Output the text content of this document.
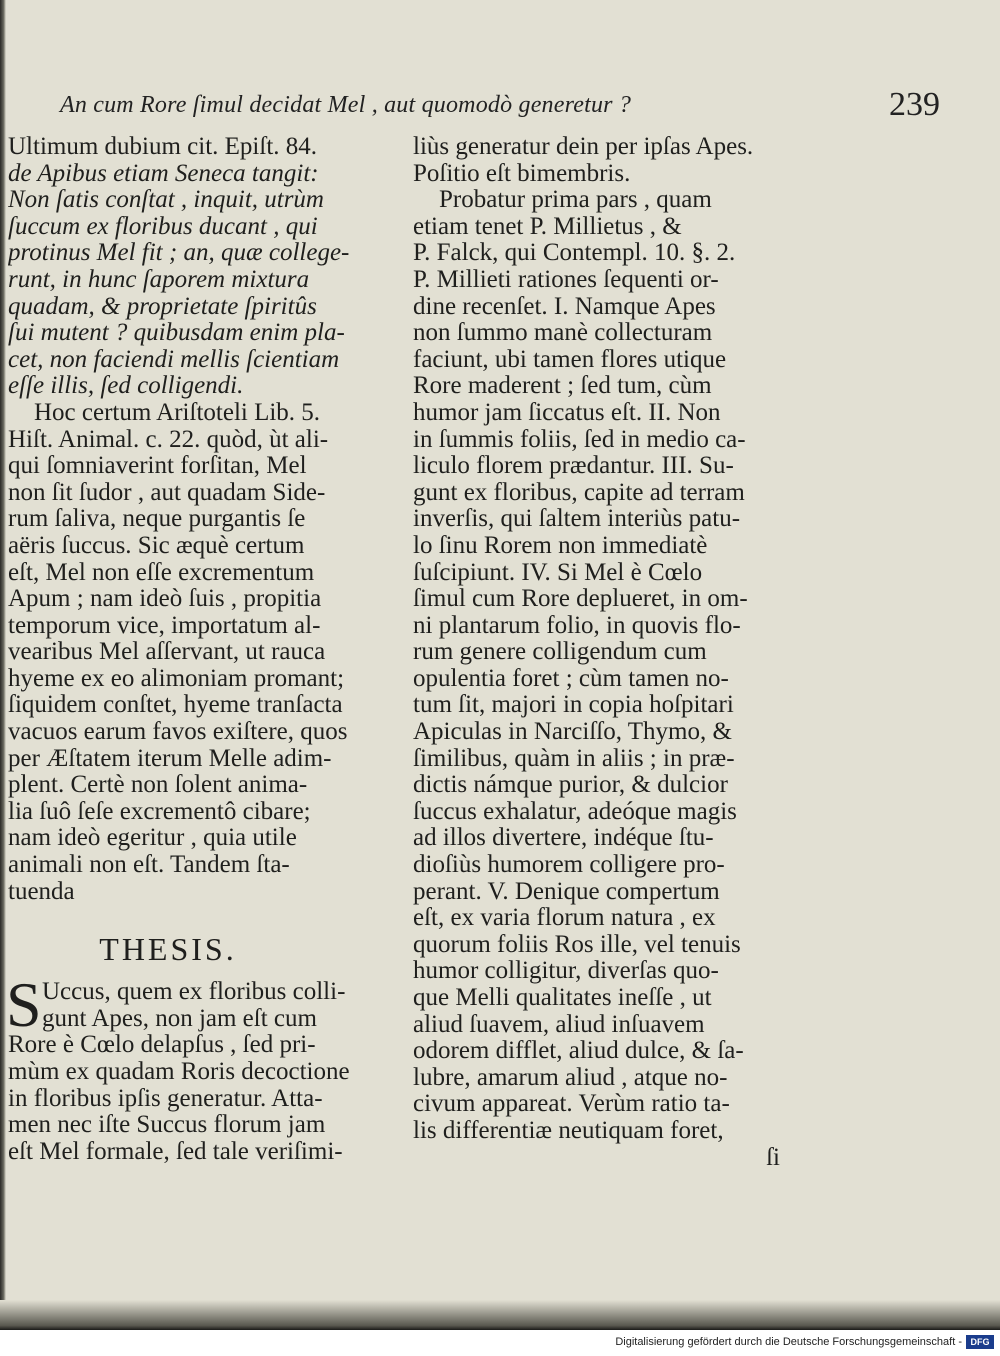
An cum Rore ſimul decidat Mel , aut quomodò generetur ?	239
Ultimum dubium cit. Epiſt. 84.
de Apibus etiam Seneca tangit:
Non ſatis conſtat , inquit, utrùm
ſuccum ex floribus ducant , qui
protinus Mel fit ; an, quæ college-
runt, in hunc ſaporem mixtura
quadam, & proprietate ſpiritûs
ſui mutent ? quibusdam enim pla-
cet, non faciendi mellis ſcientiam
eſſe illis, ſed colligendi.
Hoc certum Ariſtoteli Lib. 5.
Hiſt. Animal. c. 22. quòd, ùt ali-
qui ſomniaverint forſitan, Mel
non ſit ſudor , aut quadam Side-
rum ſaliva, neque purgantis ſe
aëris ſuccus. Sic æquè certum
eſt, Mel non eſſe excrementum
Apum ; nam ideò ſuis , propitia
temporum vice, importatum al-
vearibus Mel aſſervant, ut rauca
hyeme ex eo alimoniam promant;
ſiquidem conſtet, hyeme tranſacta
vacuos earum favos exiſtere, quos
per Æſtatem iterum Melle adim-
plent. Certè non ſolent anima-
lia ſuô ſeſe excrementô cibare;
nam ideò egeritur , quia utile
animali non eſt. Tandem ſta-
tuenda
THESIS.
S Uccus, quem ex floribus colli-
gunt Apes, non jam eſt cum
Rore è Cœlo delapſus , ſed pri-
mùm ex quadam Roris decoctione
in floribus ipſis generatur. Atta-
men nec iſte Succus florum jam
eſt Mel formale, ſed tale veriſimi-
liùs generatur dein per ipſas Apes.
Poſitio eſt bimembris.
Probatur prima pars , quam
etiam tenet P. Millietus , &
P. Falck, qui Contempl. 10. §. 2.
P. Millieti rationes ſequenti or-
dine recenſet. I. Namque Apes
non ſummo manè collecturam
faciunt, ubi tamen flores utique
Rore maderent ; ſed tum, cùm
humor jam ſiccatus eſt. II. Non
in ſummis foliis, ſed in medio ca-
liculo florem prædantur. III. Su-
gunt ex floribus, capite ad terram
inverſis, qui ſaltem interiùs patu-
lo ſinu Rorem non immediatè
ſuſcipiunt. IV. Si Mel è Cœlo
ſimul cum Rore deplueret, in om-
ni plantarum folio, in quovis flo-
rum genere colligendum cum
opulentia foret ; cùm tamen no-
tum ſit, majori in copia hoſpitari
Apiculas in Narciſſo, Thymo, &
ſimilibus, quàm in aliis ; in præ-
dictis námque purior, & dulcior
ſuccus exhalatur, adeóque magis
ad illos divertere, indéque ſtu-
dioſiùs humorem colligere pro-
perant. V. Denique compertum
eſt, ex varia florum natura , ex
quorum foliis Ros ille, vel tenuis
humor colligitur, diverſas quo-
que Melli qualitates ineſſe , ut
aliud ſuavem, aliud inſuavem
odorem difflet, aliud dulce, & ſa-
lubre, amarum aliud , atque no-
civum appareat. Verùm ratio ta-
lis differentiæ neutiquam foret,
ſi
Digitalisierung gefördert durch die Deutsche Forschungsgemeinschaft - DFG
